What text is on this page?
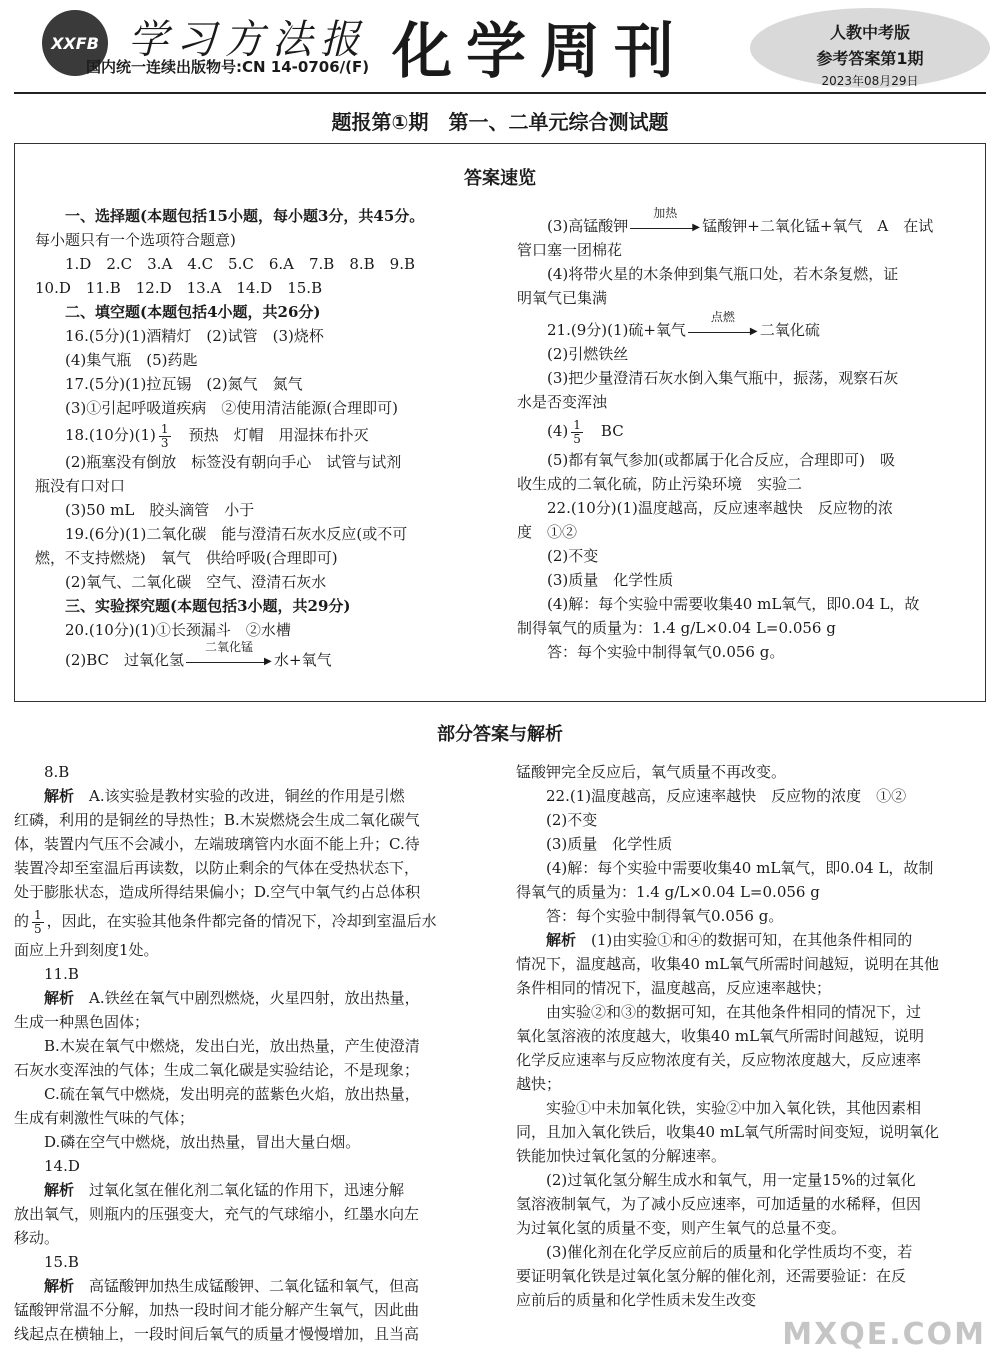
XXFB 学习方法报
国内统一连续出版物号:CN 14-0706/(F) 化学周刊	人教中考版
参考答案第1期
2023年08月29日
题报第①期　第一、二单元综合测试题
答案速览

一、选择题(本题包括15小题，每小题3分，共45分。

每小题只有一个选项符合题意)

1.D　2.C　3.A　4.C　5.C　6.A　7.B　8.B　9.B

10.D　11.B　12.D　13.A　14.D　15.B

二、填空题(本题包括4小题，共26分)

16.(5分)(1)酒精灯　(2)试管　(3)烧杯

(4)集气瓶　(5)药匙

17.(5分)(1)拉瓦锡　(2)氮气　氮气

(3)①引起呼吸道疾病　②使用清洁能源(合理即可)

18.(10分)$(1) \frac{1}{3}$
　 预热　灯帽　用湿抹布扑灭

(2)瓶塞没有倒放　标签没有朝向手心　试管与试剂

瓶没有口对口

(3)50 mL　胶头滴管　小于

19.(6分)(1)二氧化碳　能与澄清石灰水反应(或不可

燃，不支持燃烧)　氧气　供给呼吸(合理即可)

(2)氧气、二氧化碳　空气、澄清石灰水

三、实验探究题(本题包括3小题，共29分)

20.(10分)(1)①长颈漏斗　②水槽

(2)BC　过氧化氢
二氧化锰
▶ 水+氧气

(3)高锰酸钾
加热
▶ 锰酸钾+二氧化锰+氧气　A　在试

管口塞一团棉花

(4)将带火星的木条伸到集气瓶口处，若木条复燃，证

明氧气已集满

21.(9分)(1)硫+氧气
点燃
▶ 二氧化硫

(2)引燃铁丝

(3)把少量澄清石灰水倒入集气瓶中，振荡，观察石灰

水是否变浑浊

$(4) \frac{1}{5}$
　 BC

(5)都有氧气参加(或都属于化合反应，合理即可)　吸

收生成的二氧化硫，防止污染环境　实验二

22.(10分)(1)温度越高，反应速率越快　反应物的浓

度　①②

(2)不变

(3)质量　化学性质

(4)解：每个实验中需要收集40 mL氧气，即0.04 L，故

制得氧气的质量为：1.4 g/L×0.04 L=0.056 g

答：每个实验中制得氧气0.056 g。

部分答案与解析

8.B

解析　 A.该实验是教材实验的改进，铜丝的作用是引燃

红磷，利用的是铜丝的导热性；B.木炭燃烧会生成二氧化碳气

体，装置内气压不会减小，左端玻璃管内水面不能上升；C.待

装置冷却至室温后再读数，以防止剩余的气体在受热状态下，

处于膨胀状态，造成所得结果偏小；D.空气中氧气约占总体积

的 $\frac{1}{5}$ ，因此，在实验其他条件都完备的情况下，冷却到室温后水

面应上升到刻度1处。

11.B

解析　 A.铁丝在氧气中剧烈燃烧，火星四射，放出热量，

生成一种黑色固体；

B.木炭在氧气中燃烧，发出白光，放出热量，产生使澄清

石灰水变浑浊的气体；生成二氧化碳是实验结论，不是现象；

C.硫在氧气中燃烧，发出明亮的蓝紫色火焰，放出热量，

生成有刺激性气味的气体；

D.磷在空气中燃烧，放出热量，冒出大量白烟。

14.D

解析　 过氧化氢在催化剂二氧化锰的作用下，迅速分解

放出氧气，则瓶内的压强变大，充气的气球缩小，红墨水向左

移动。

15.B

解析　 高锰酸钾加热生成锰酸钾、二氧化锰和氧气，但高

锰酸钾常温不分解，加热一段时间才能分解产生氧气，因此曲

线起点在横轴上，一段时间后氧气的质量才慢慢增加，且当高

锰酸钾完全反应后，氧气质量不再改变。

22.(1)温度越高，反应速率越快　反应物的浓度　①②

(2)不变

(3)质量　化学性质

(4)解：每个实验中需要收集40 mL氧气，即0.04 L，故制

得氧气的质量为：1.4 g/L×0.04 L=0.056 g

答：每个实验中制得氧气0.056 g。

解析　 (1)由实验①和④的数据可知，在其他条件相同的

情况下，温度越高，收集40 mL氧气所需时间越短，说明在其他

条件相同的情况下，温度越高，反应速率越快；

由实验②和③的数据可知，在其他条件相同的情况下，过

氧化氢溶液的浓度越大，收集40 mL氧气所需时间越短，说明

化学反应速率与反应物浓度有关，反应物浓度越大，反应速率

越快；

实验①中未加氧化铁，实验②中加入氧化铁，其他因素相

同，且加入氧化铁后，收集40 mL氧气所需时间变短，说明氧化

铁能加快过氧化氢的分解速率。

(2)过氧化氢分解生成水和氧气，用一定量15%的过氧化

氢溶液制氧气，为了减小反应速率，可加适量的水稀释，但因

为过氧化氢的质量不变，则产生氧气的总量不变。

(3)催化剂在化学反应前后的质量和化学性质均不变，若

要证明氧化铁是过氧化氢分解的催化剂，还需要验证：在反

应前后的质量和化学性质未发生改变

MXQE.COM
